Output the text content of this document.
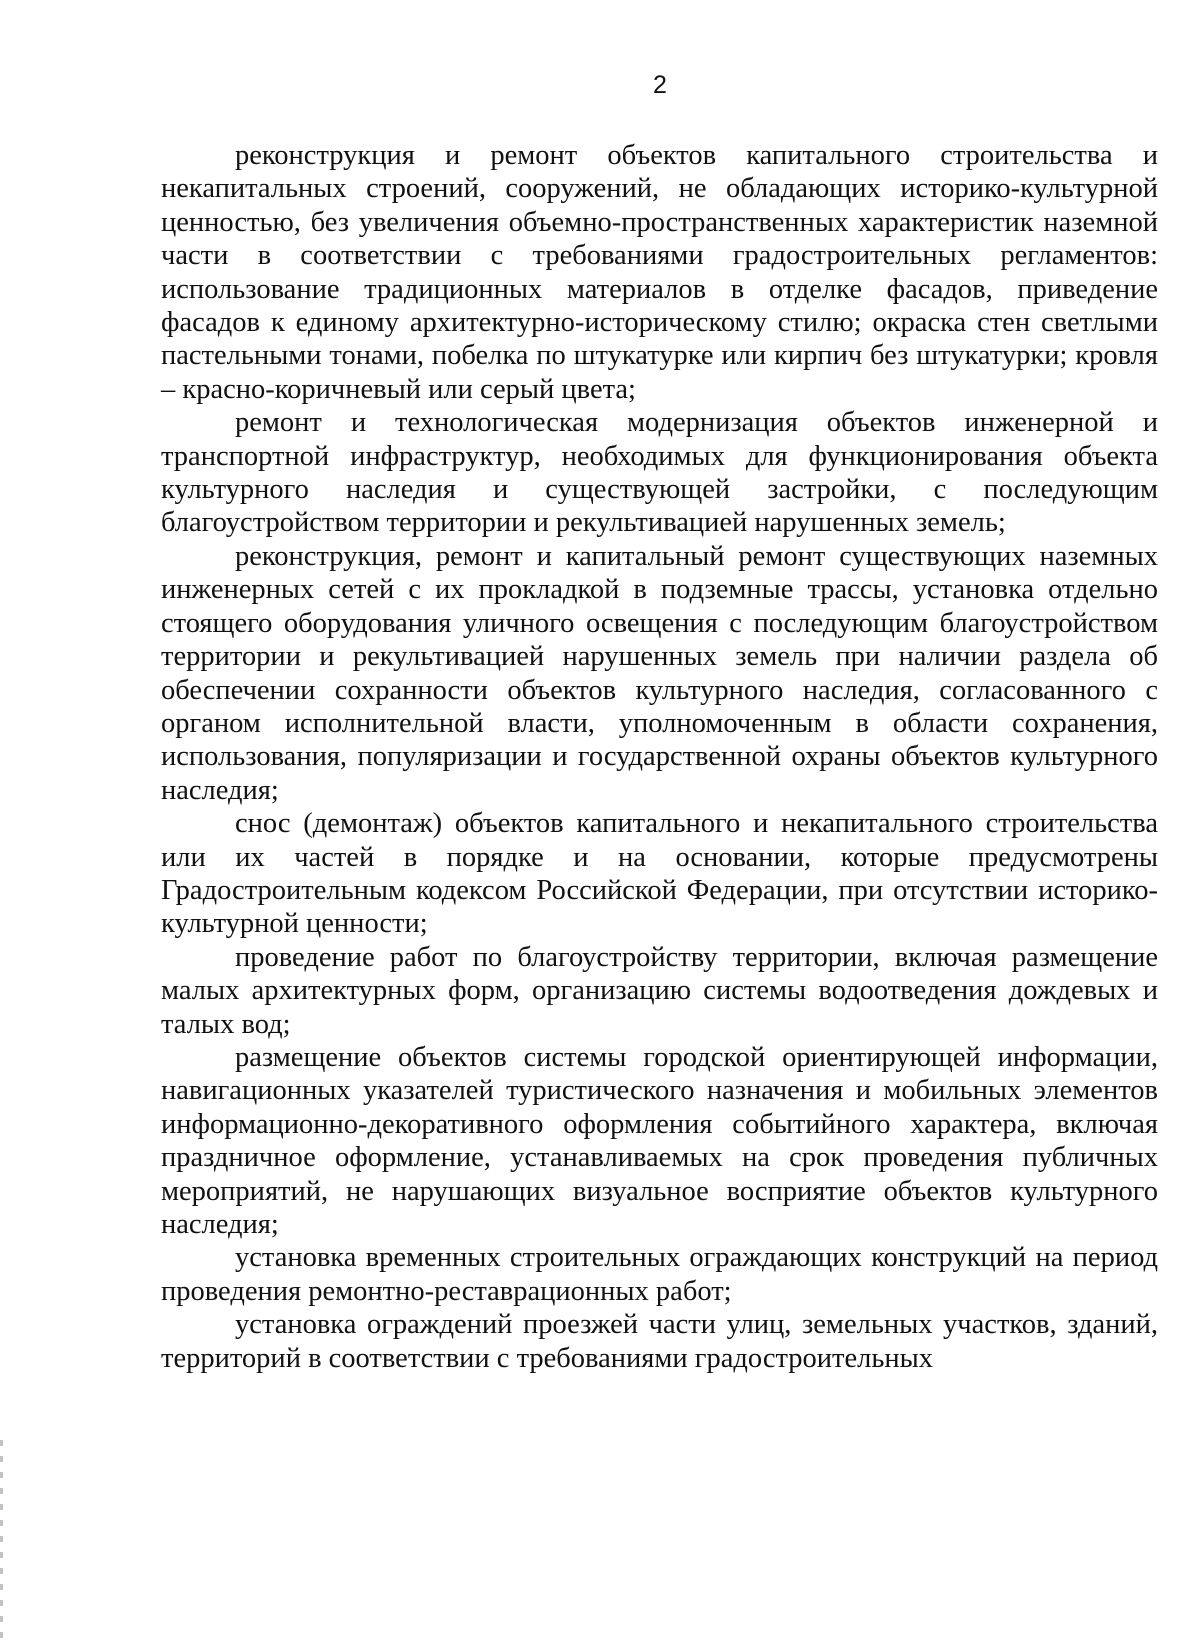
2

реконструкция и ремонт объектов капитального строительства и некапитальных строений, сооружений, не обладающих историко-культурной ценностью, без увеличения объемно-пространственных характеристик наземной части в соответствии с требованиями градостроительных регламентов: использование традиционных материалов в отделке фасадов, приведение фасадов к единому архитектурно-историческому стилю; окраска стен светлыми пастельными тонами, побелка по штукатурке или кирпич без штукатурки; кровля – красно-коричневый или серый цвета;

ремонт и технологическая модернизация объектов инженерной и транспортной инфраструктур, необходимых для функционирования объекта культурного наследия и существующей застройки, с последующим благоустройством территории и рекультивацией нарушенных земель;

реконструкция, ремонт и капитальный ремонт существующих наземных инженерных сетей с их прокладкой в подземные трассы, установка отдельно стоящего оборудования уличного освещения с последующим благоустройством территории и рекультивацией нарушенных земель при наличии раздела об обеспечении сохранности объектов культурного наследия, согласованного с органом исполнительной власти, уполномоченным в области сохранения, использования, популяризации и государственной охраны объектов культурного наследия;

снос (демонтаж) объектов капитального и некапитального строительства или их частей в порядке и на основании, которые предусмотрены Градостроительным кодексом Российской Федерации, при отсутствии историко-культурной ценности;

проведение работ по благоустройству территории, включая размещение малых архитектурных форм, организацию системы водоотведения дождевых и талых вод;

размещение объектов системы городской ориентирующей информации, навигационных указателей туристического назначения и мобильных элементов информационно-декоративного оформления событийного характера, включая праздничное оформление, устанавливаемых на срок проведения публичных мероприятий, не нарушающих визуальное восприятие объектов культурного наследия;

установка временных строительных ограждающих конструкций на период проведения ремонтно-реставрационных работ;

установка ограждений проезжей части улиц, земельных участков, зданий, территорий в соответствии с требованиями градостроительных
